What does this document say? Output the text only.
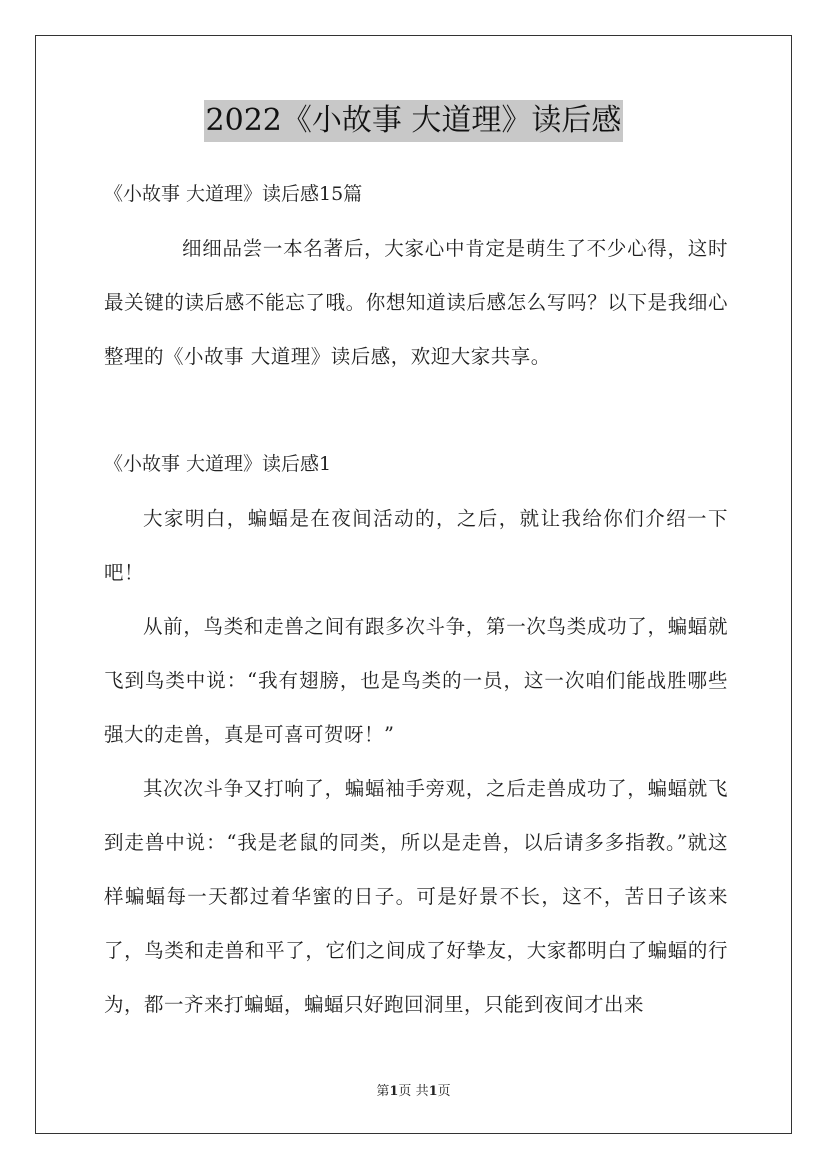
2022《小故事 大道理》读后感
《小故事 大道理》读后感15篇
细细品尝一本名著后，大家心中肯定是萌生了不少心得，这时最关键的读后感不能忘了哦。你想知道读后感怎么写吗？以下是我细心整理的《小故事 大道理》读后感，欢迎大家共享。
《小故事 大道理》读后感1

大家明白，蝙蝠是在夜间活动的，之后，就让我给你们介绍一下吧！

从前，鸟类和走兽之间有跟多次斗争，第一次鸟类成功了，蝙蝠就飞到鸟类中说：“我有翅膀，也是鸟类的一员，这一次咱们能战胜哪些强大的走兽，真是可喜可贺呀！”

其次次斗争又打响了，蝙蝠袖手旁观，之后走兽成功了，蝙蝠就飞到走兽中说：“我是老鼠的同类，所以是走兽，以后请多多指教。”就这样蝙蝠每一天都过着华蜜的日子。可是好景不长，这不，苦日子该来了，鸟类和走兽和平了，它们之间成了好挚友，大家都明白了蝙蝠的行为，都一齐来打蝙蝠，蝙蝠只好跑回洞里，只能到夜间才出来

第1页 共1页
